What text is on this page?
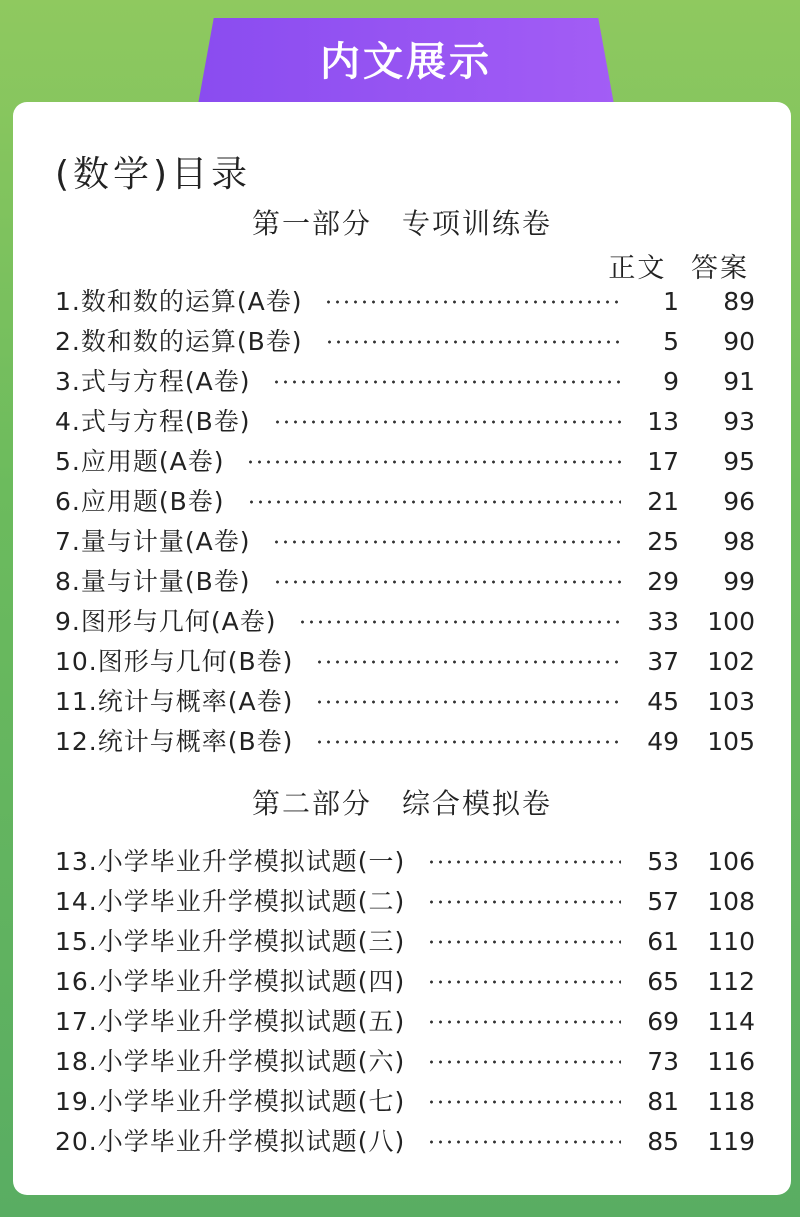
内文展示
(数学)目录
第一部分　专项训练卷
正文 答案
1.数和数的运算(A卷)	1	89
2.数和数的运算(B卷)	5	90
3.式与方程(A卷)	9	91
4.式与方程(B卷)	13	93
5.应用题(A卷)	17	95
6.应用题(B卷)	21	96
7.量与计量(A卷)	25	98
8.量与计量(B卷)	29	99
9.图形与几何(A卷)	33	100
10.图形与几何(B卷)	37	102
11.统计与概率(A卷)	45	103
12.统计与概率(B卷)	49	105
第二部分　综合模拟卷
13.小学毕业升学模拟试题(一)	53	106
14.小学毕业升学模拟试题(二)	57	108
15.小学毕业升学模拟试题(三)	61	110
16.小学毕业升学模拟试题(四)	65	112
17.小学毕业升学模拟试题(五)	69	114
18.小学毕业升学模拟试题(六)	73	116
19.小学毕业升学模拟试题(七)	81	118
20.小学毕业升学模拟试题(八)	85	119
